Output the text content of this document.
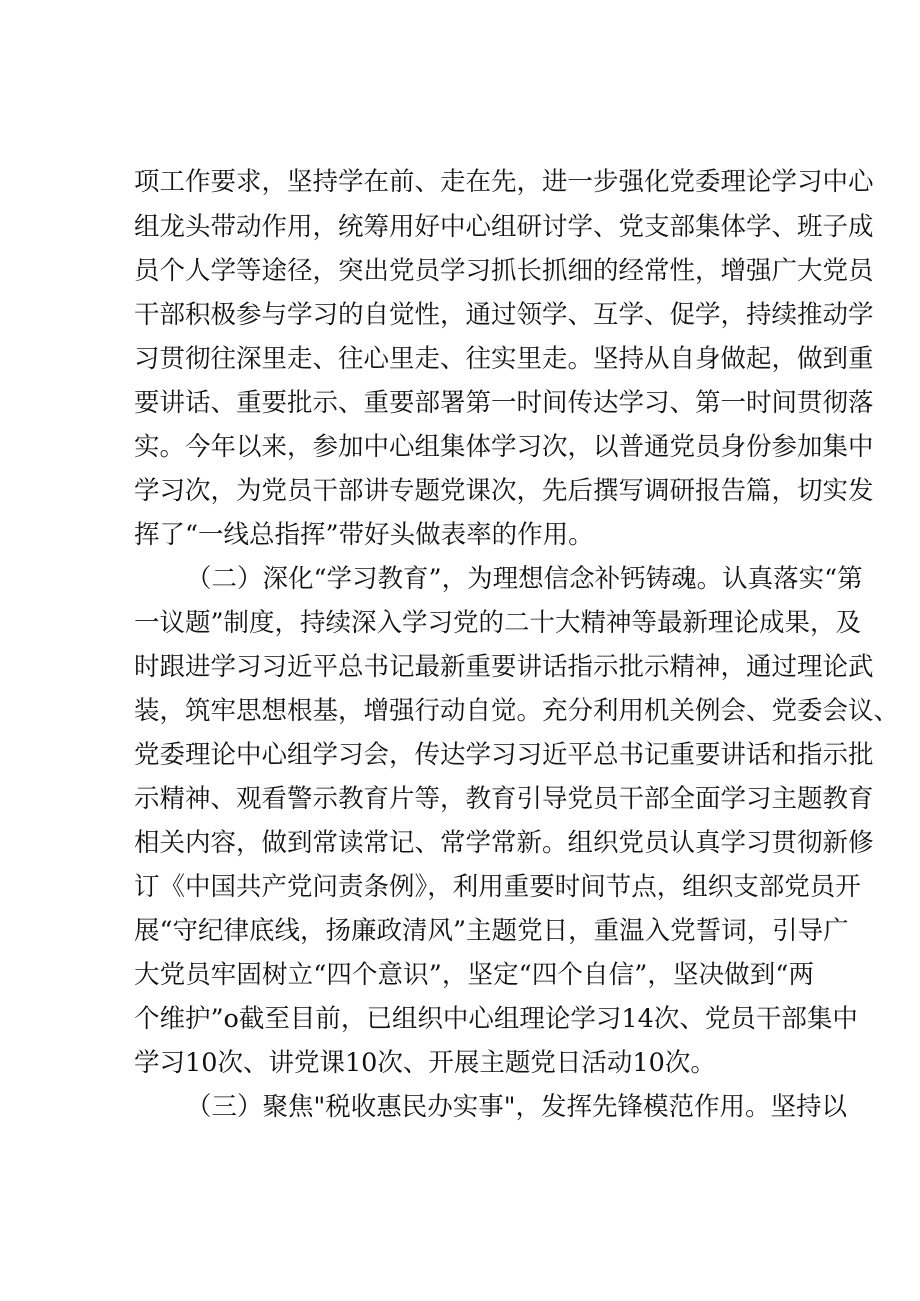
项工作要求，坚持学在前、走在先，进一步强化党委理论学习中心
组龙头带动作用，统筹用好中心组研讨学、党支部集体学、班子成
员个人学等途径，突出党员学习抓长抓细的经常性，增强广大党员
干部积极参与学习的自觉性，通过领学、互学、促学，持续推动学
习贯彻往深里走、往心里走、往实里走。坚持从自身做起，做到重
要讲话、重要批示、重要部署第一时间传达学习、第一时间贯彻落
实。今年以来，参加中心组集体学习次，以普通党员身份参加集中
学习次，为党员干部讲专题党课次，先后撰写调研报告篇，切实发
挥了“一线总指挥”带好头做表率的作用。
（二）深化“学习教育”，为理想信念补钙铸魂。认真落实“第
一议题”制度，持续深入学习党的二十大精神等最新理论成果，及
时跟进学习习近平总书记最新重要讲话指示批示精神，通过理论武
装，筑牢思想根基，增强行动自觉。充分利用机关例会、党委会议、
党委理论中心组学习会，传达学习习近平总书记重要讲话和指示批
示精神、观看警示教育片等，教育引导党员干部全面学习主题教育
相关内容，做到常读常记、常学常新。组织党员认真学习贯彻新修
订《中国共产党问责条例》，利用重要时间节点，组织支部党员开
展“守纪律底线，扬廉政清风”主题党日，重温入党誓词，引导广
大党员牢固树立“四个意识”，坚定“四个自信”，坚决做到“两
个维护”o截至目前，已组织中心组理论学习14次、党员干部集中
学习10次、讲党课10次、开展主题党日活动10次。
（三）聚焦"税收惠民办实事"，发挥先锋模范作用。坚持以
